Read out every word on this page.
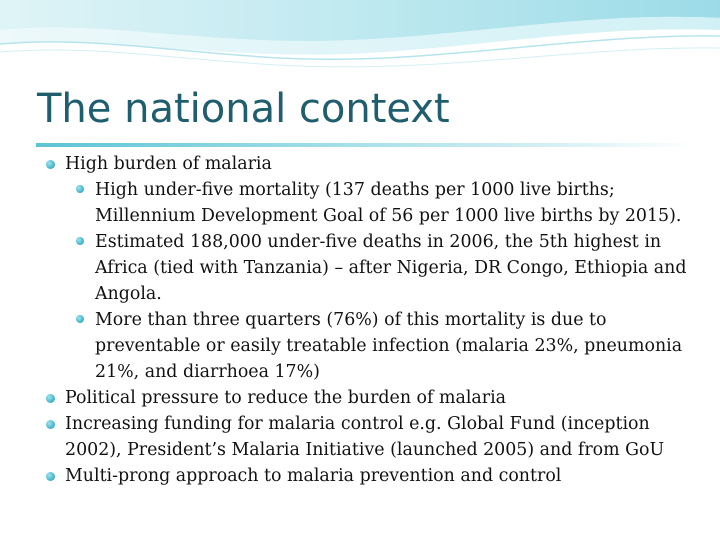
The national context
High burden of malaria
High under-five mortality (137 deaths per 1000 live births; Millennium Development Goal of 56 per 1000 live births by 2015).
Estimated 188,000 under-five deaths in 2006, the 5th highest in Africa (tied with Tanzania) – after Nigeria, DR Congo, Ethiopia and Angola.
More than three quarters (76%) of this mortality is due to preventable or easily treatable infection (malaria 23%, pneumonia 21%, and diarrhoea 17%)
Political pressure to reduce the burden of malaria
Increasing funding for malaria control e.g. Global Fund (inception 2002), President’s Malaria Initiative (launched 2005) and from GoU
Multi-prong approach to malaria prevention and control
